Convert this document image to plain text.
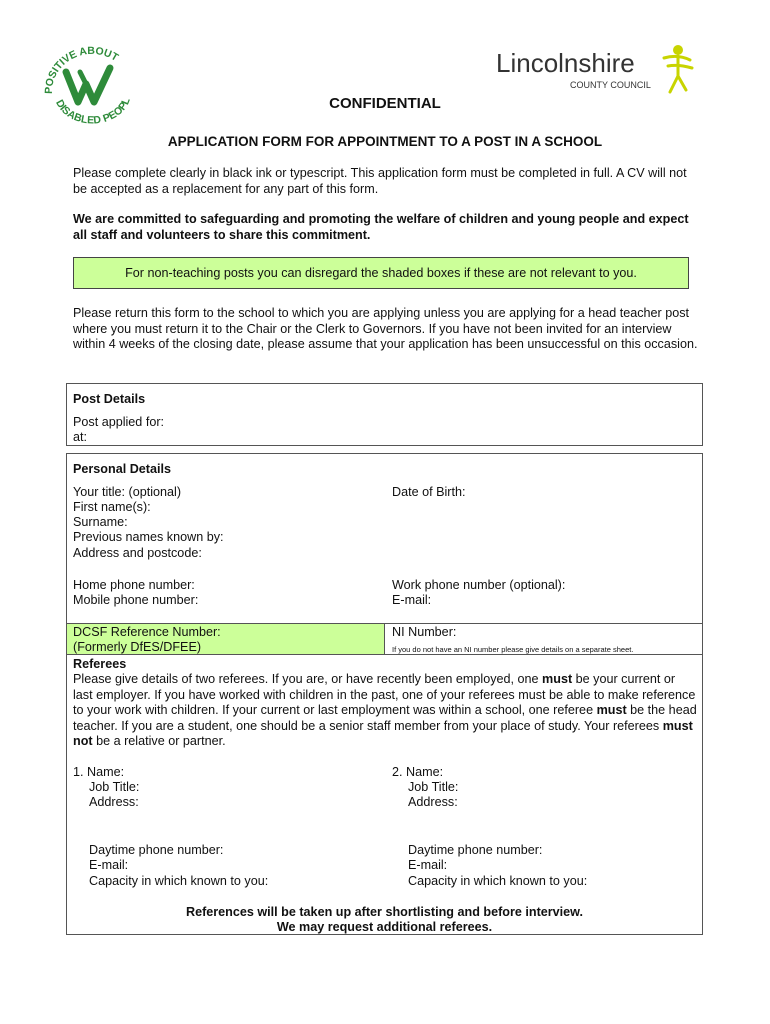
POSITIVE ABOUT
DISABLED PEOPL
Lincolnshire
COUNTY COUNCIL
CONFIDENTIAL
APPLICATION FORM FOR APPOINTMENT TO A POST IN A SCHOOL

Please complete clearly in black ink or typescript. This application form must be completed in full. A CV will not be accepted as a replacement for any part of this form.

We are committed to safeguarding and promoting the welfare of children and young people and expect all staff and volunteers to share this commitment.

For non-teaching posts you can disregard the shaded boxes if these are not relevant to you.

Please return this form to the school to which you are applying unless you are applying for a head teacher post where you must return it to the Chair or the Clerk to Governors. If you have not been invited for an interview within 4 weeks of the closing date, please assume that your application has been unsuccessful on this occasion.

Post Details
Post applied for:
at:
Personal Details
Your title: (optional)
First name(s):
Surname:
Previous names known by:
Address and postcode:
Date of Birth:
Home phone number:
Mobile phone number:
Work phone number (optional):
E-mail:
DCSF Reference Number:
(Formerly DfES/DFEE)
NI Number:
If you do not have an NI number please give details on a separate sheet.
Referees
Please give details of two referees. If you are, or have recently been employed, one must be your current or last employer. If you have worked with children in the past, one of your referees must be able to make reference to your work with children. If your current or last employment was within a school, one referee must be the head teacher. If you are a student, one should be a senior staff member from your place of study. Your referees must not be a relative or partner.
1. Name:
Job Title:
Address:
Daytime phone number:
E-mail:
Capacity in which known to you:
2. Name:
Job Title:
Address:
Daytime phone number:
E-mail:
Capacity in which known to you:
References will be taken up after shortlisting and before interview.
We may request additional referees.
